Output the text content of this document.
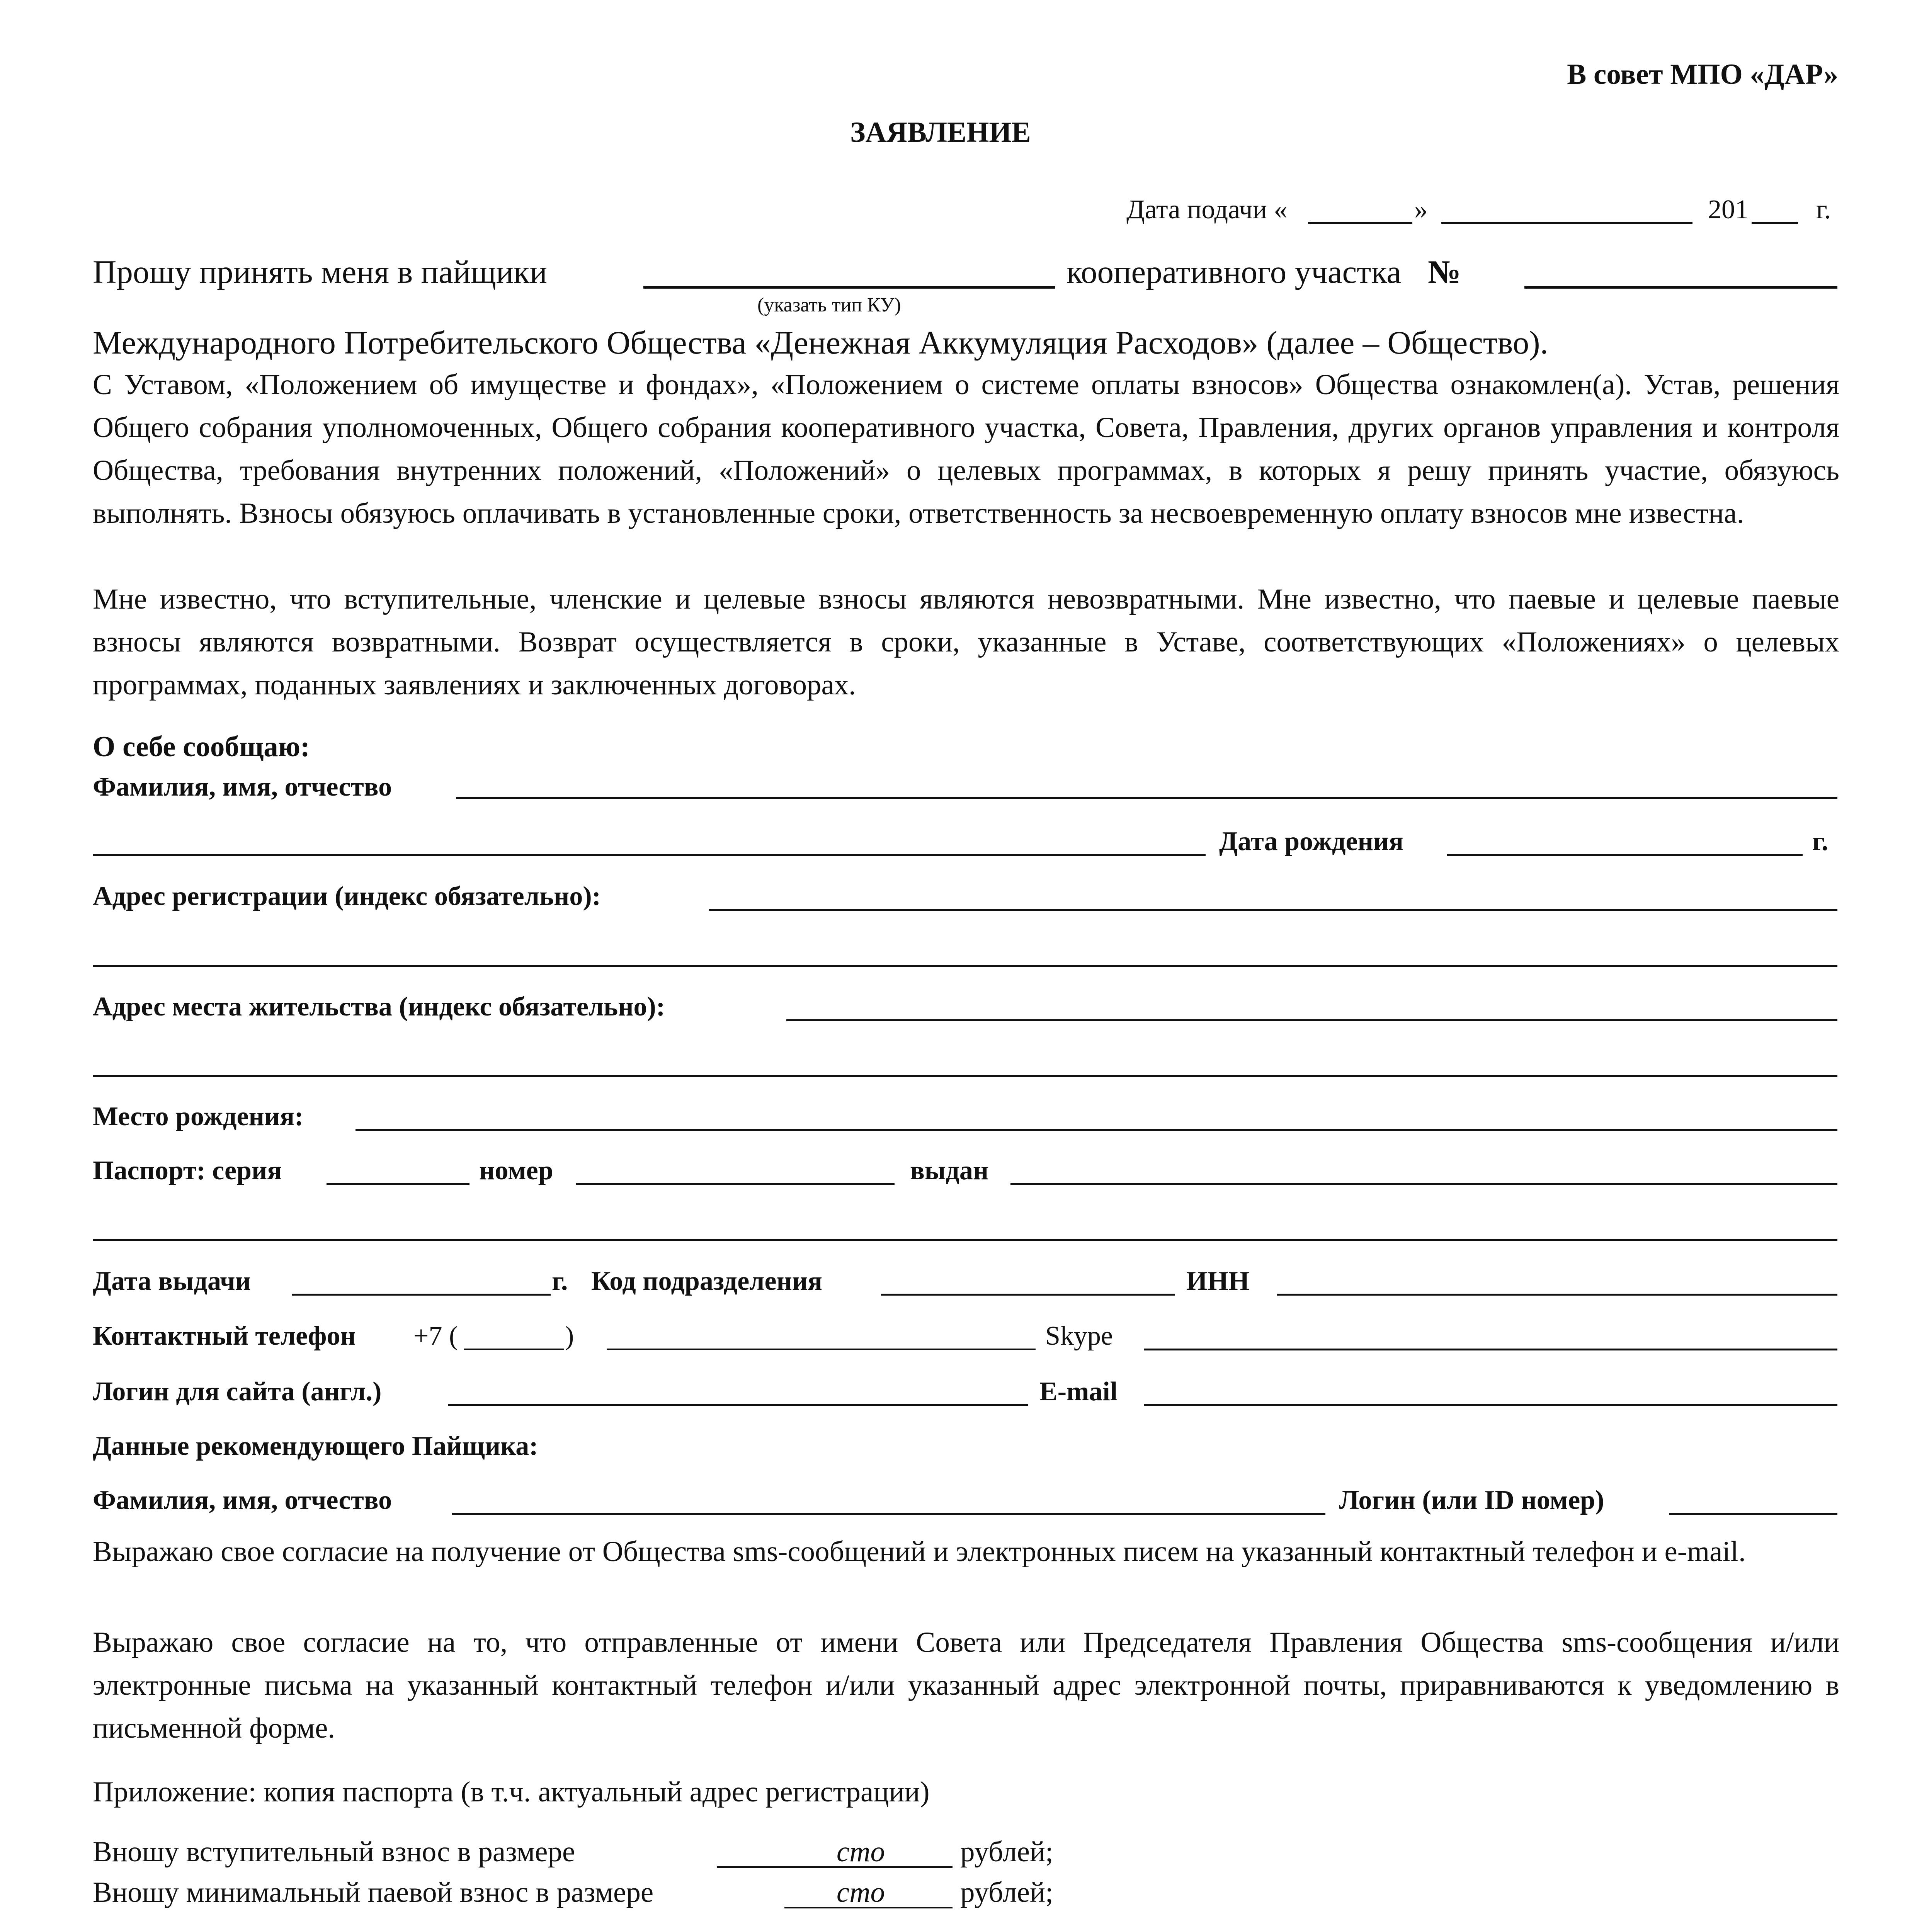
В совет МПО «ДАР»
ЗАЯВЛЕНИЕ
Дата подачи «	»	201	г.
Прошу принять меня в пайщики	кооперативного участка №
(указать тип КУ)
Международного Потребительского Общества «Денежная Аккумуляция Расходов» (далее – Общество).
С Уставом, «Положением об имуществе и фондах», «Положением о системе оплаты взносов» Общества ознакомлен(а). Устав, решения Общего собрания уполномоченных, Общего собрания кооперативного участка, Совета, Правления, других органов управления и контроля Общества, требования внутренних положений, «Положений» о целевых программах, в которых я решу принять участие, обязуюсь выполнять. Взносы обязуюсь оплачивать в установленные сроки, ответственность за несвоевременную оплату взносов мне известна.
Мне известно, что вступительные, членские и целевые взносы являются невозвратными. Мне известно, что паевые и целевые паевые взносы являются возвратными. Возврат осуществляется в сроки, указанные в Уставе, соответствующих «Положениях» о целевых программах, поданных заявлениях и заключенных договорах.
О себе сообщаю:
Фамилия, имя, отчество
Дата рождения	г.
Адрес регистрации (индекс обязательно):
Адрес места жительства (индекс обязательно):
Место рождения:
Паспорт: серия	номер	выдан
Дата выдачи	г. Код подразделения	ИНН
Контактный телефон +7 (	)	Skype
Логин для сайта (англ.)	E-mail
Данные рекомендующего Пайщика:
Фамилия, имя, отчество	Логин (или ID номер)
Выражаю свое согласие на получение от Общества sms-сообщений и электронных писем на указанный контактный телефон и e-mail.
Выражаю свое согласие на то, что отправленные от имени Совета или Председателя Правления Общества sms-сообщения и/или электронные письма на указанный контактный телефон и/или указанный адрес электронной почты, приравниваются к уведомлению в письменной форме.
Приложение: копия паспорта (в т.ч. актуальный адрес регистрации)
Вношу вступительный взнос в размере	сто	рублей;
Вношу минимальный паевой взнос в размере	сто	рублей;
